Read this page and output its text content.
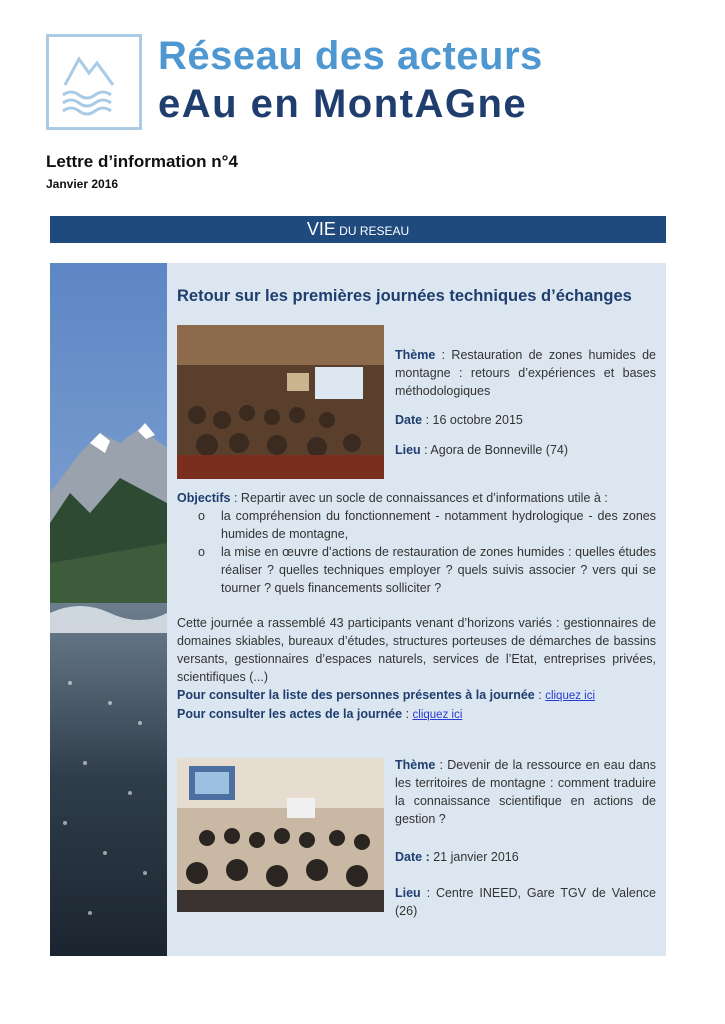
Réseau des acteurs
eAu en MontAGne
Lettre d’information n°4
Janvier 2016
VIE DU RESEAU
Retour sur les premières journées techniques d’échanges
Thème : Restauration de zones humides de montagne : retours d’expériences et bases méthodologiques
Date : 16 octobre 2015
Lieu : Agora de Bonneville (74)
Objectifs : Repartir avec un socle de connaissances et d’informations utile à :
o la compréhension du fonctionnement - notamment hydrologique - des zones humides de montagne,
o la mise en œuvre d’actions de restauration de zones humides : quelles études réaliser ? quelles techniques employer ? quels suivis associer ? vers qui se tourner ? quels financements solliciter ?
Cette journée a rassemblé 43 participants venant d’horizons variés : gestionnaires de domaines skiables, bureaux d’études, structures porteuses de démarches de bassins versants, gestionnaires d’espaces naturels, services de l’Etat, entreprises privées, scientifiques (...)
Pour consulter la liste des personnes présentes à la journée : cliquez ici
Pour consulter les actes de la journée : cliquez ici
Thème : Devenir de la ressource en eau dans les territoires de montagne : comment traduire la connaissance scientifique en actions de gestion ?
Date : 21 janvier 2016
Lieu : Centre INEED, Gare TGV de Valence (26)
